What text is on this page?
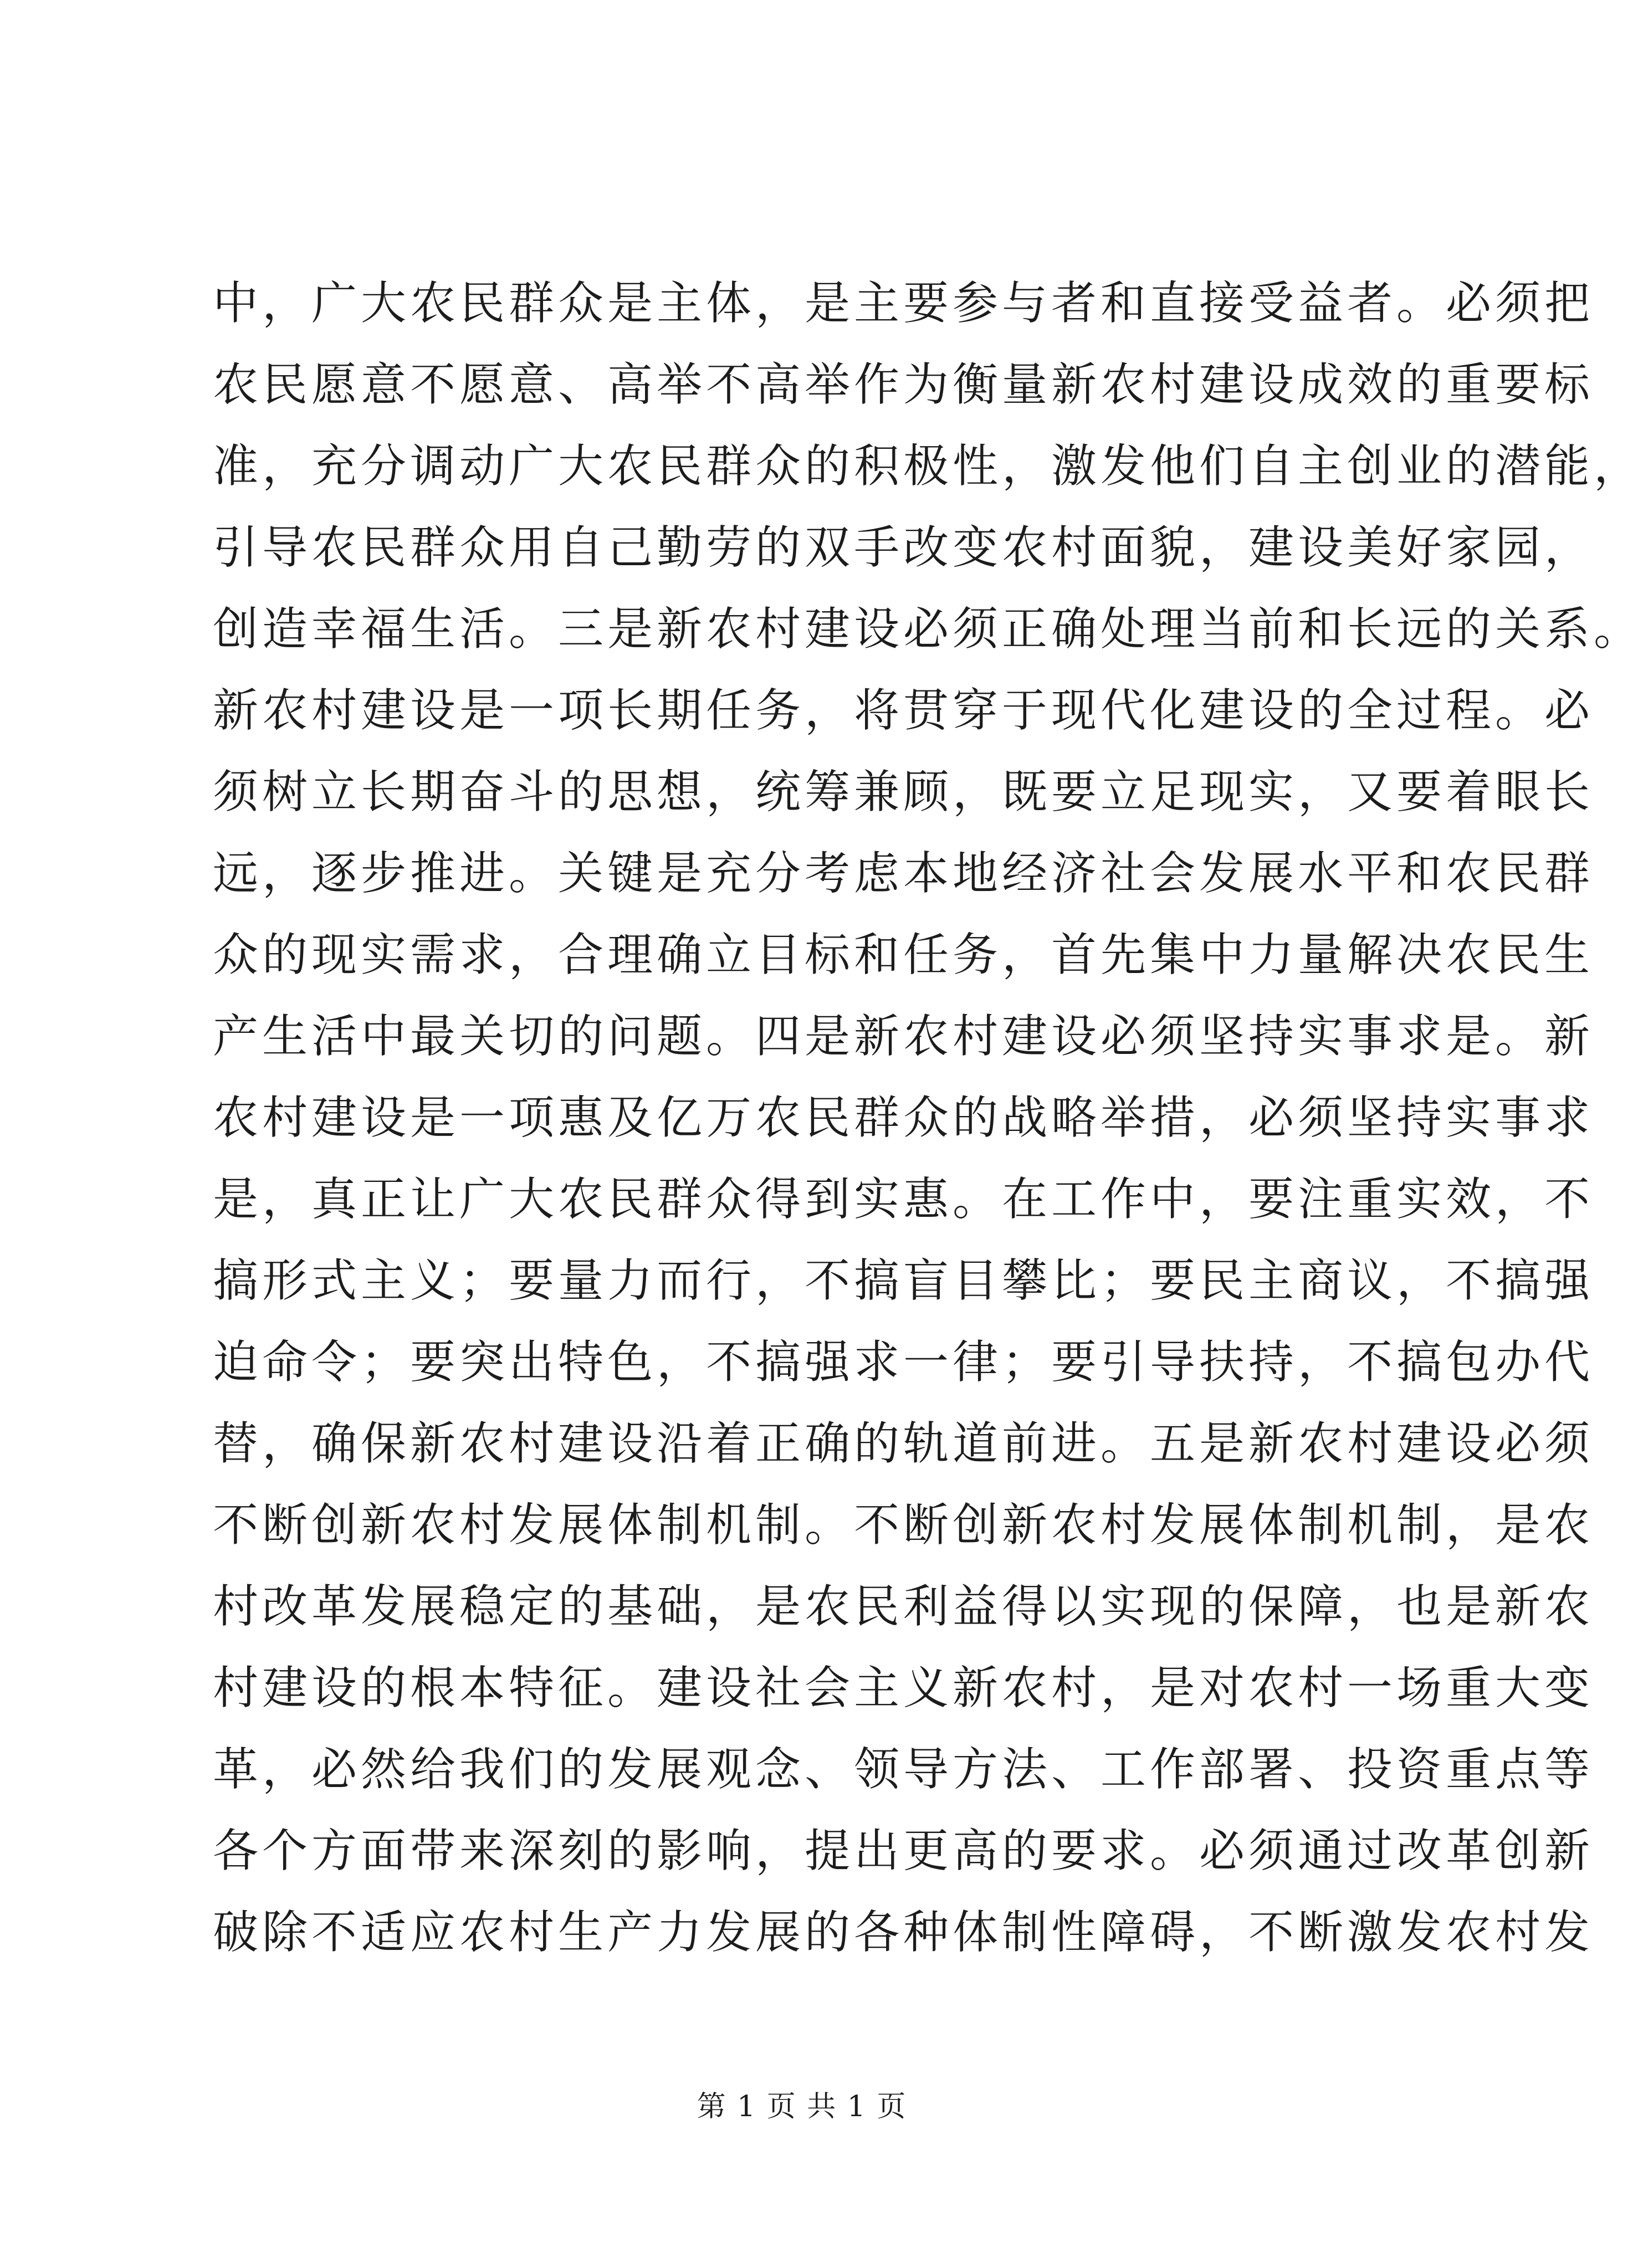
中，广大农民群众是主体，是主要参与者和直接受益者。必须把
农民愿意不愿意、高举不高举作为衡量新农村建设成效的重要标
准，充分调动广大农民群众的积极性，激发他们自主创业的潜能，
引导农民群众用自己勤劳的双手改变农村面貌，建设美好家园，
创造幸福生活。三是新农村建设必须正确处理当前和长远的关系。
新农村建设是一项长期任务，将贯穿于现代化建设的全过程。必
须树立长期奋斗的思想，统筹兼顾，既要立足现实，又要着眼长
远，逐步推进。关键是充分考虑本地经济社会发展水平和农民群
众的现实需求，合理确立目标和任务，首先集中力量解决农民生
产生活中最关切的问题。四是新农村建设必须坚持实事求是。新
农村建设是一项惠及亿万农民群众的战略举措，必须坚持实事求
是，真正让广大农民群众得到实惠。在工作中，要注重实效，不
搞形式主义；要量力而行，不搞盲目攀比；要民主商议，不搞强
迫命令；要突出特色，不搞强求一律；要引导扶持，不搞包办代
替，确保新农村建设沿着正确的轨道前进。五是新农村建设必须
不断创新农村发展体制机制。不断创新农村发展体制机制，是农
村改革发展稳定的基础，是农民利益得以实现的保障，也是新农
村建设的根本特征。建设社会主义新农村，是对农村一场重大变
革，必然给我们的发展观念、领导方法、工作部署、投资重点等
各个方面带来深刻的影响，提出更高的要求。必须通过改革创新
破除不适应农村生产力发展的各种体制性障碍，不断激发农村发
第 1 页 共 1 页
